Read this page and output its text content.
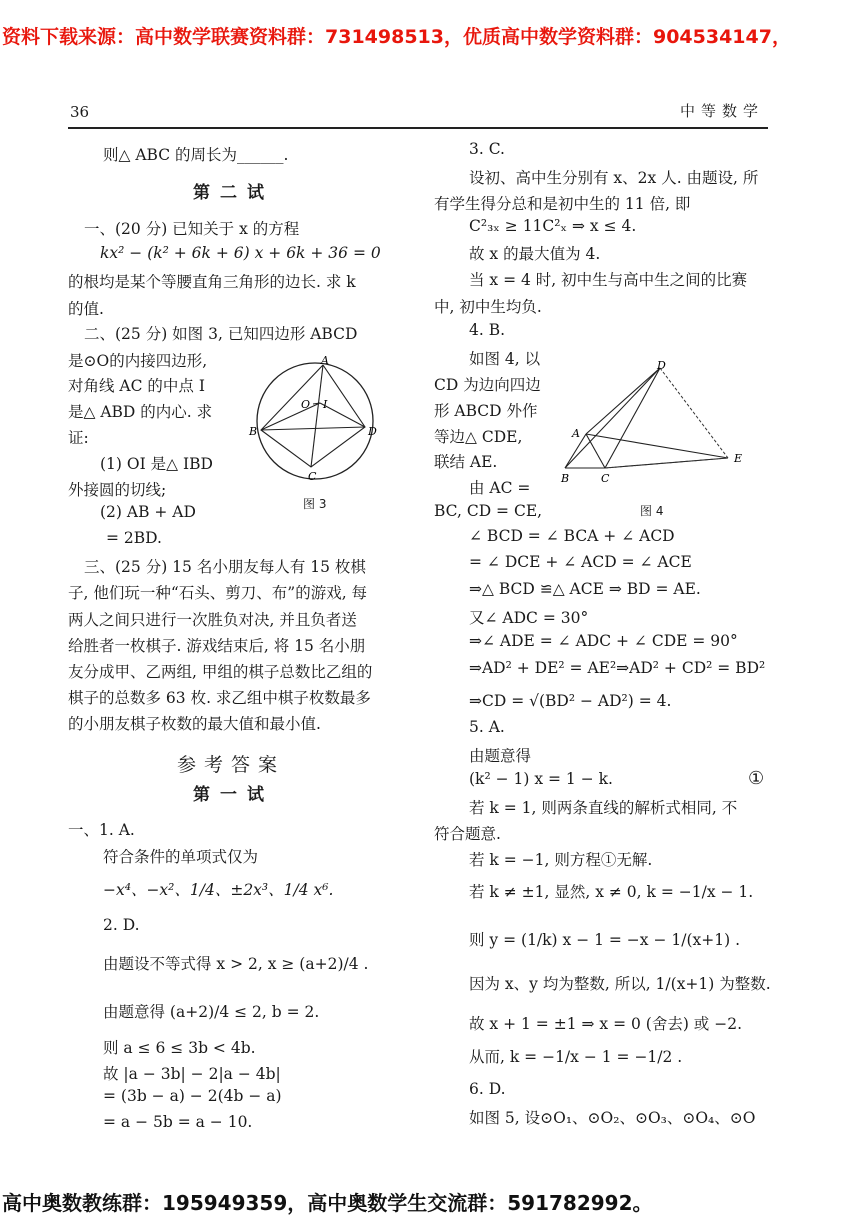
资料下载来源：高中数学联赛资料群：731498513，优质高中数学资料群：904534147，
36	中等数学
则△ ABC 的周长为______.
第二试
一、(20 分) 已知关于 x 的方程
kx² − (k² + 6k + 6) x + 6k + 36 = 0
的根均是某个等腰直角三角形的边长. 求 k
的值.
二、(25 分) 如图 3, 已知四边形 ABCD
是⊙O的内接四边形,
对角线 AC 的中点 I
是△ ABD 的内心. 求
证:
(1) OI 是△ IBD
外接圆的切线;
(2) AB + AD
= 2BD.
A
B
C
D
O I
图 3
三、(25 分) 15 名小朋友每人有 15 枚棋
子, 他们玩一种“石头、剪刀、布”的游戏, 每
两人之间只进行一次胜负对决, 并且负者送
给胜者一枚棋子. 游戏结束后, 将 15 名小朋
友分成甲、乙两组, 甲组的棋子总数比乙组的
棋子的总数多 63 枚. 求乙组中棋子枚数最多
的小朋友棋子枚数的最大值和最小值.
参考答案
第一试
一、1. A.
符合条件的单项式仅为
−x⁴、−x²、1/4、±2x³、1/4 x⁶.
2. D.
由题设不等式得 x > 2, x ≥ (a+2)/4 .
由题意得 (a+2)/4 ≤ 2, b = 2.
则 a ≤ 6 ≤ 3b < 4b.
故 |a − 3b| − 2|a − 4b|
= (3b − a) − 2(4b − a)
= a − 5b = a − 10.
3. C.
设初、高中生分别有 x、2x 人. 由题设, 所
有学生得分总和是初中生的 11 倍, 即
C²₃ₓ ≥ 11C²ₓ ⇒ x ≤ 4.
故 x 的最大值为 4.
当 x = 4 时, 初中生与高中生之间的比赛
中, 初中生均负.
4. B.
如图 4, 以
CD 为边向四边
形 ABCD 外作
等边△ CDE,
联结 AE.
由 AC =
A
B	C
D
E
图 4
BC, CD = CE,
∠ BCD = ∠ BCA + ∠ ACD
= ∠ DCE + ∠ ACD = ∠ ACE
⇒△ BCD ≌△ ACE ⇒ BD = AE.
又∠ ADC = 30°
⇒∠ ADE = ∠ ADC + ∠ CDE = 90°
⇒AD² + DE² = AE²⇒AD² + CD² = BD²
⇒CD = √(BD² − AD²) = 4.
5. A.
由题意得
(k² − 1) x = 1 − k.	①
若 k = 1, 则两条直线的解析式相同, 不
符合题意.
若 k = −1, 则方程①无解.
若 k ≠ ±1, 显然, x ≠ 0, k = −1/x − 1.
则 y = (1/k) x − 1 = −x − 1/(x+1) .
因为 x、y 均为整数, 所以, 1/(x+1) 为整数.
故 x + 1 = ±1 ⇒ x = 0 (舍去) 或 −2.
从而, k = −1/x − 1 = −1/2 .
6. D.
如图 5, 设⊙O₁、⊙O₂、⊙O₃、⊙O₄、⊙O
高中奥数教练群：195949359，高中奥数学生交流群：591782992。
